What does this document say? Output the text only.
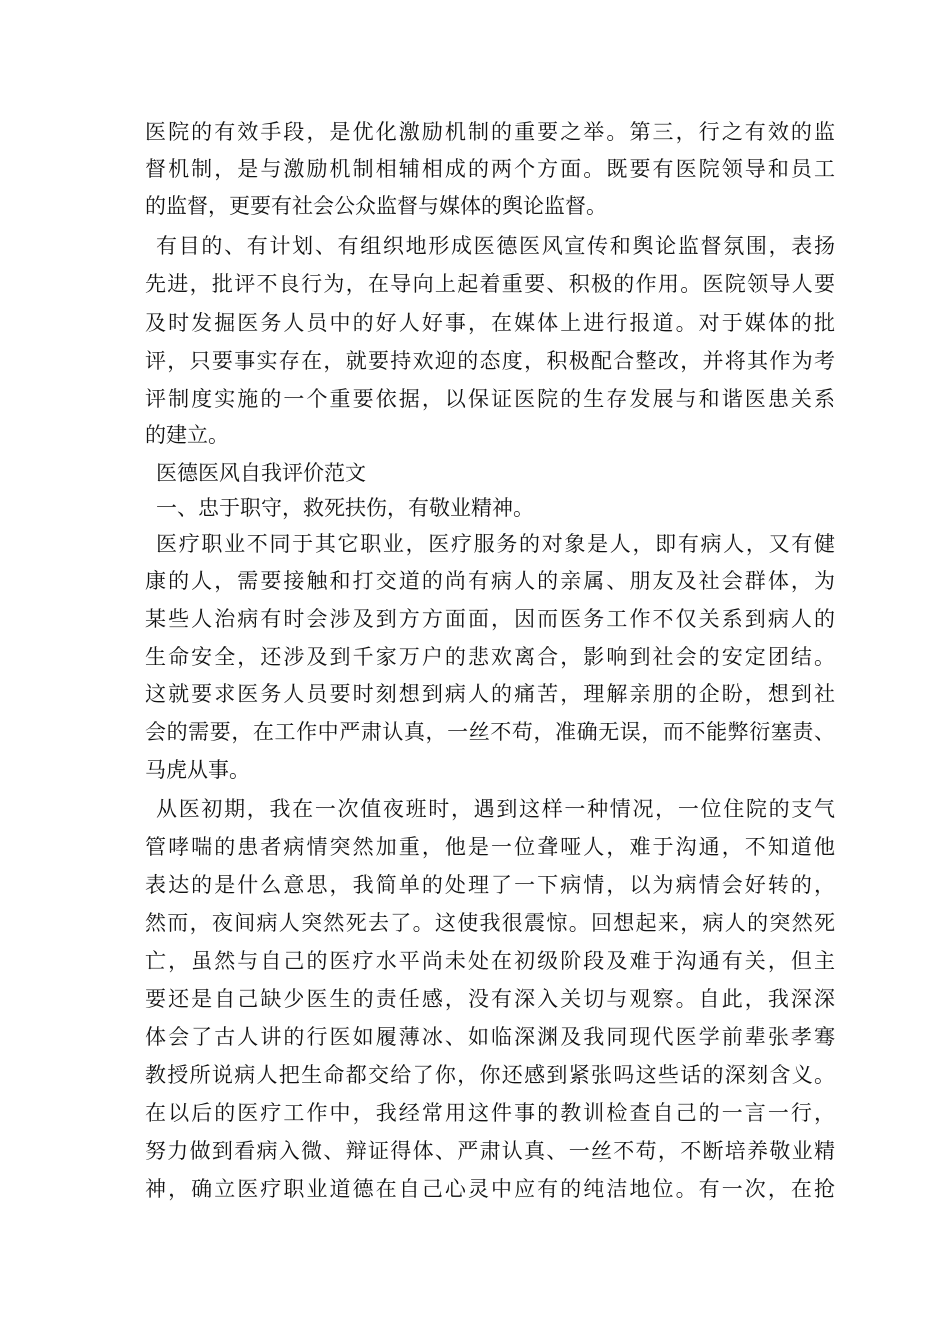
医院的有效手段，是优化激励机制的重要之举。第三，行之有效的监
督机制，是与激励机制相辅相成的两个方面。既要有医院领导和员工
的监督，更要有社会公众监督与媒体的舆论监督。
有目的、有计划、有组织地形成医德医风宣传和舆论监督氛围，表扬
先进，批评不良行为，在导向上起着重要、积极的作用。医院领导人要
及时发掘医务人员中的好人好事，在媒体上进行报道。对于媒体的批
评，只要事实存在，就要持欢迎的态度，积极配合整改，并将其作为考
评制度实施的一个重要依据，以保证医院的生存发展与和谐医患关系
的建立。
医德医风自我评价范文
一、忠于职守，救死扶伤，有敬业精神。
医疗职业不同于其它职业，医疗服务的对象是人，即有病人，又有健
康的人，需要接触和打交道的尚有病人的亲属、朋友及社会群体，为
某些人治病有时会涉及到方方面面，因而医务工作不仅关系到病人的
生命安全，还涉及到千家万户的悲欢离合，影响到社会的安定团结。
这就要求医务人员要时刻想到病人的痛苦，理解亲朋的企盼，想到社
会的需要，在工作中严肃认真，一丝不苟，准确无误，而不能弊衍塞责、
马虎从事。
从医初期，我在一次值夜班时，遇到这样一种情况，一位住院的支气
管哮喘的患者病情突然加重，他是一位聋哑人，难于沟通，不知道他
表达的是什么意思，我简单的处理了一下病情，以为病情会好转的，
然而，夜间病人突然死去了。这使我很震惊。回想起来，病人的突然死
亡，虽然与自己的医疗水平尚未处在初级阶段及难于沟通有关，但主
要还是自己缺少医生的责任感，没有深入关切与观察。自此，我深深
体会了古人讲的行医如履薄冰、如临深渊及我同现代医学前辈张孝骞
教授所说病人把生命都交给了你，你还感到紧张吗这些话的深刻含义。
在以后的医疗工作中，我经常用这件事的教训检查自己的一言一行，
努力做到看病入微、辩证得体、严肃认真、一丝不苟，不断培养敬业精
神，确立医疗职业道德在自己心灵中应有的纯洁地位。有一次，在抢
